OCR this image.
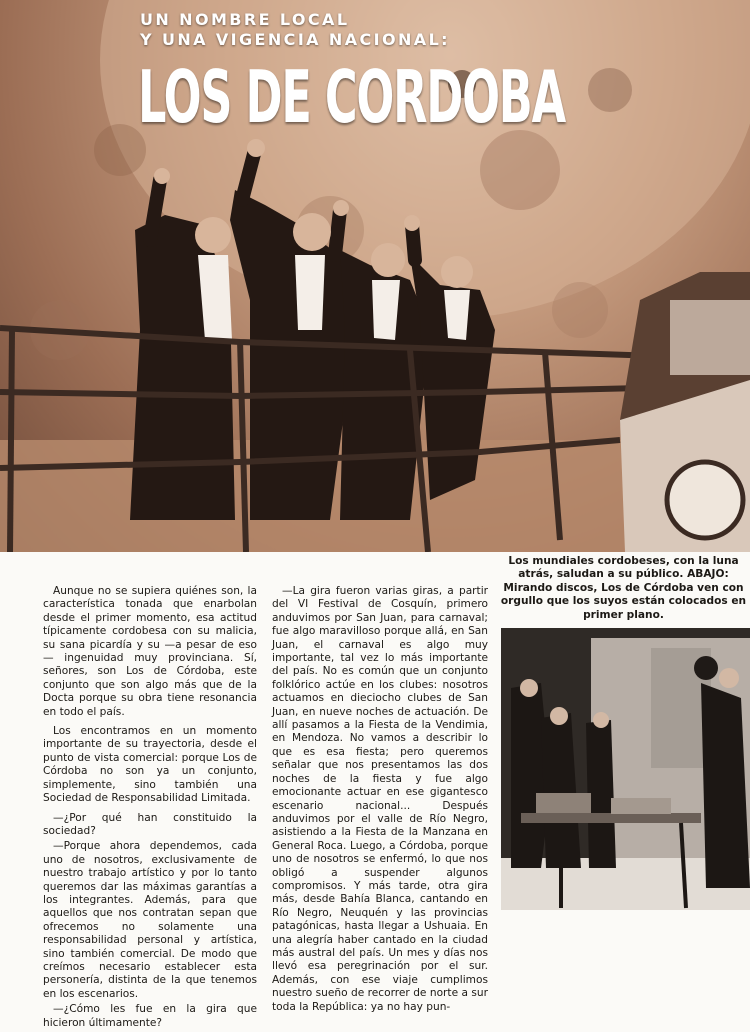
UN NOMBRE LOCAL
Y UNA VIGENCIA NACIONAL:
LOS DE CORDOBA
Los mundiales cordobeses, con la luna atrás, saludan a su público. ABAJO: Mirando discos, Los de Córdoba ven con orgullo que los suyos están colocados en primer plano.

Aunque no se supiera quiénes son, la característica tonada que enarbolan desde el primer momento, esa actitud típicamente cordobesa con su malicia, su sana picardía y su —a pesar de eso— ingenuidad muy provinciana. Sí, señores, son Los de Córdoba, este conjunto que son algo más que de la Docta porque su obra tiene resonancia en todo el país.

Los encontramos en un momento importante de su trayectoria, desde el punto de vista comercial: porque Los de Córdoba no son ya un conjunto, simplemente, sino también una Sociedad de Responsabilidad Limitada.

—¿Por qué han constituido la sociedad?

—Porque ahora dependemos, cada uno de nosotros, exclusivamente de nuestro trabajo artístico y por lo tanto queremos dar las máximas garantías a los integrantes. Además, para que aquellos que nos contratan sepan que ofrecemos no solamente una responsabilidad personal y artística, sino también comercial. De modo que creímos necesario establecer esta personería, distinta de la que tenemos en los escenarios.

—¿Cómo les fue en la gira que hicieron últimamente?

—La gira fueron varias giras, a partir del VI Festival de Cosquín, primero anduvimos por San Juan, para carnaval; fue algo maravilloso porque allá, en San Juan, el carnaval es algo muy importante, tal vez lo más importante del país. No es común que un conjunto folklórico actúe en los clubes: nosotros actuamos en dieciocho clubes de San Juan, en nueve noches de actuación. De allí pasamos a la Fiesta de la Vendimia, en Mendoza. No vamos a describir lo que es esa fiesta; pero queremos señalar que nos presentamos las dos noches de la fiesta y fue algo emocionante actuar en ese gigantesco escenario nacional... Después anduvimos por el valle de Río Negro, asistiendo a la Fiesta de la Manzana en General Roca. Luego, a Córdoba, porque uno de nosotros se enfermó, lo que nos obligó a suspender algunos compromisos. Y más tarde, otra gira más, desde Bahía Blanca, cantando en Río Negro, Neuquén y las provincias patagónicas, hasta llegar a Ushuaia. En una alegría haber cantado en la ciudad más austral del país. Un mes y días nos llevó esa peregrinación por el sur. Además, con ese viaje cumplimos nuestro sueño de recorrer de norte a sur toda la República: ya no hay pun-
